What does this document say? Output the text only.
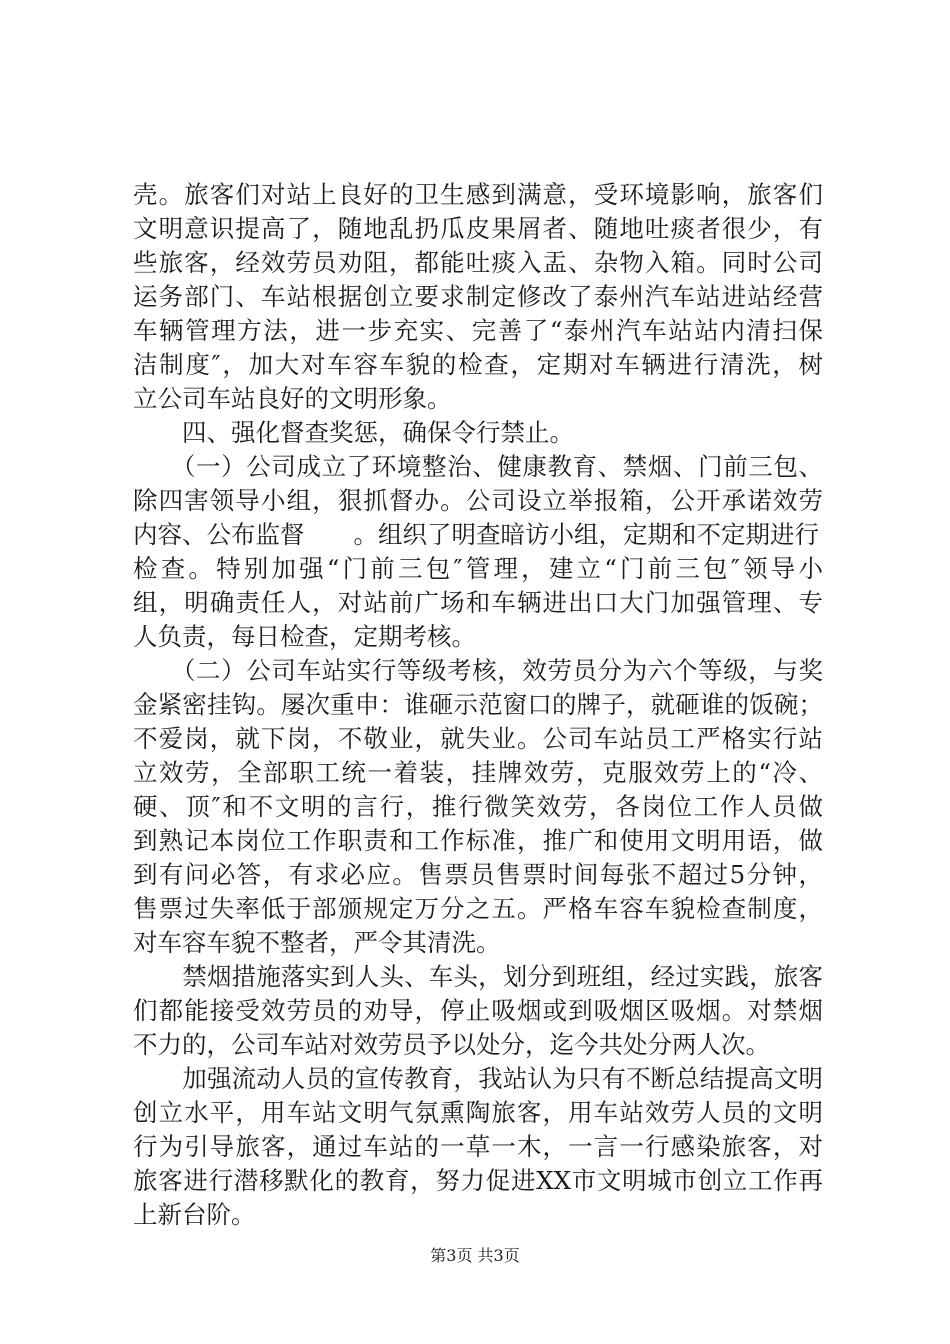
壳。旅客们对站上良好的卫生感到满意，受环境影响，旅客们
文明意识提高了，随地乱扔瓜皮果屑者、随地吐痰者很少，有
些旅客，经效劳员劝阻，都能吐痰入盂、杂物入箱。同时公司
运务部门、车站根据创立要求制定修改了泰州汽车站进站经营
车辆管理方法，进一步充实、完善了“泰州汽车站站内清扫保
洁制度″，加大对车容车貌的检查，定期对车辆进行清洗，树
立公司车站良好的文明形象。
　　四、强化督查奖惩，确保令行禁止。
　　（一）公司成立了环境整治、健康教育、禁烟、门前三包、
除四害领导小组，狠抓督办。公司设立举报箱，公开承诺效劳
内容、公布监督　　。组织了明查暗访小组，定期和不定期进行
检查。特别加强“门前三包″管理，建立“门前三包″领导小
组，明确责任人，对站前广场和车辆进出口大门加强管理、专
人负责，每日检查，定期考核。
　　（二）公司车站实行等级考核，效劳员分为六个等级，与奖
金紧密挂钩。屡次重申：谁砸示范窗口的牌子，就砸谁的饭碗；
不爱岗，就下岗，不敬业，就失业。公司车站员工严格实行站
立效劳，全部职工统一着装，挂牌效劳，克服效劳上的“冷、
硬、顶″和不文明的言行，推行微笑效劳，各岗位工作人员做
到熟记本岗位工作职责和工作标准，推广和使用文明用语，做
到有问必答，有求必应。售票员售票时间每张不超过5分钟，
售票过失率低于部颁规定万分之五。严格车容车貌检查制度，
对车容车貌不整者，严令其清洗。
　　禁烟措施落实到人头、车头，划分到班组，经过实践，旅客
们都能接受效劳员的劝导，停止吸烟或到吸烟区吸烟。对禁烟
不力的，公司车站对效劳员予以处分，迄今共处分两人次。
　　加强流动人员的宣传教育，我站认为只有不断总结提高文明
创立水平，用车站文明气氛熏陶旅客，用车站效劳人员的文明
行为引导旅客，通过车站的一草一木，一言一行感染旅客，对
旅客进行潜移默化的教育，努力促进XX市文明城市创立工作再
上新台阶。
第3页 共3页
